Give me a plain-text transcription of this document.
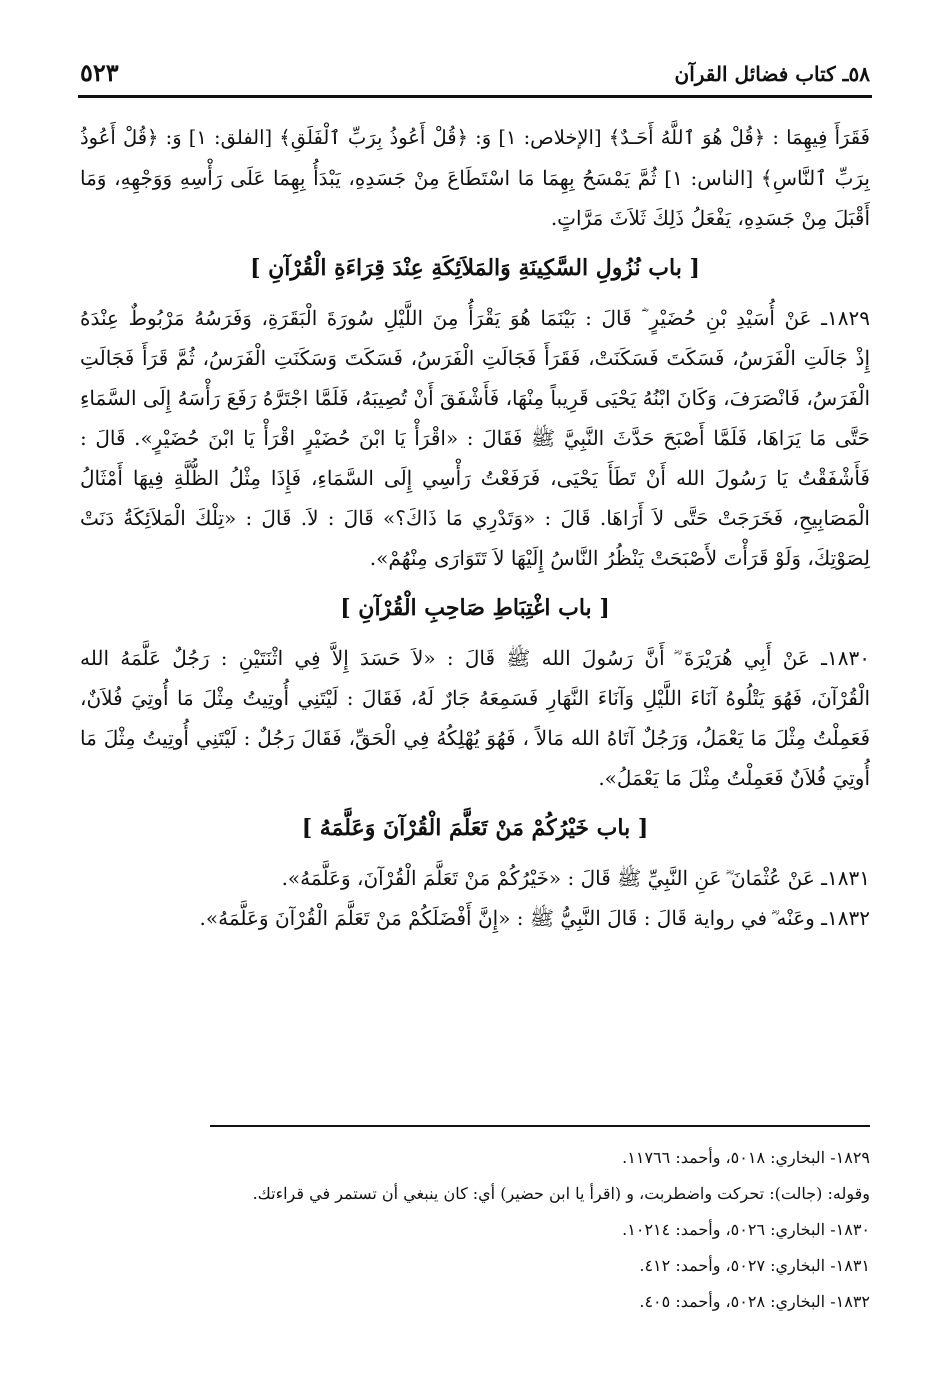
٥٨ـ كتاب فضائل القرآن
٥٢٣
فَقَرَأَ فِيهِمَا : ﴿قُلْ هُوَ ٱللَّهُ أَحَـدٌ﴾ [الإخلاص: ١] وَ: ﴿قُلْ أَعُوذُ بِرَبِّ ٱلْفَلَقِ﴾ [الفلق: ١] وَ: ﴿قُلْ أَعُوذُ
بِرَبِّ ٱلنَّاسِ﴾ [الناس: ١] ثُمَّ يَمْسَحُ بِهِمَا مَا اسْتَطَاعَ مِنْ جَسَدِهِ، يَبْدَأُ بِهِمَا عَلَى رَأْسِهِ وَوَجْهِهِ، وَمَا
أَقْبَلَ مِنْ جَسَدِهِ، يَفْعَلُ ذَلِكَ ثَلاَثَ مَرَّاتٍ.
[ باب نُزُولِ السَّكِينَةِ وَالمَلاَئِكَةِ عِنْدَ قِرَاءَةِ الْقُرْآنِ ]
١٨٢٩ـ عَنْ أُسَيْدِ بْنِ حُضَيْرٍ ؓ قَالَ : بَيْنَمَا هُوَ يَقْرَأُ مِنَ اللَّيْلِ سُورَةَ الْبَقَرَةِ، وَفَرَسُهُ مَرْبُوطٌ عِنْدَهُ
إِذْ جَالَتِ الْفَرَسُ، فَسَكَتَ فَسَكَنَتْ، فَقَرَأَ فَجَالَتِ الْفَرَسُ، فَسَكَتَ وَسَكَنَتِ الْفَرَسُ، ثُمَّ قَرَأَ فَجَالَتِ
الْفَرَسُ، فَانْصَرَفَ، وَكَانَ ابْنُهُ يَحْيَى قَرِيباً مِنْهَا، فَأَشْفَقَ أَنْ تُصِيبَهُ، فَلَمَّا اجْتَرَّهُ رَفَعَ رَأْسَهُ إِلَى السَّمَاءِ
حَتَّى مَا يَرَاهَا، فَلَمَّا أَصْبَحَ حَدَّثَ النَّبِيَّ ﷺ فَقَالَ : «اقْرَأْ يَا ابْنَ حُضَيْرٍ اقْرَأْ يَا ابْنَ حُضَيْرٍ». قَالَ :
فَأَشْفَقْتُ يَا رَسُولَ الله أَنْ تَطَأَ يَحْيَى، فَرَفَعْتُ رَأْسِي إِلَى السَّمَاءِ، فَإِذَا مِثْلُ الظُّلَّةِ فِيهَا أَمْثَالُ
الْمَصَابِيحِ، فَخَرَجَتْ حَتَّى لاَ أَرَاهَا. قَالَ : «وَتَدْرِي مَا ذَاكَ؟» قَالَ : لاَ. قَالَ : «تِلْكَ الْمَلاَئِكَةُ دَنَتْ
لِصَوْتِكَ، وَلَوْ قَرَأْتَ لأَصْبَحَتْ يَنْظُرُ النَّاسُ إِلَيْهَا لاَ تَتَوَارَى مِنْهُمْ».
[ باب اغْتِبَاطِ صَاحِبِ الْقُرْآنِ ]
١٨٣٠ـ عَنْ أَبِي هُرَيْرَةَ ؓ أَنَّ رَسُولَ الله ﷺ قَالَ : «لاَ حَسَدَ إِلاَّ فِي اثْنَتَيْنِ : رَجُلٌ عَلَّمَهُ الله
الْقُرْآنَ، فَهُوَ يَتْلُوهُ آنَاءَ اللَّيْلِ وَآنَاءَ النَّهَارِ فَسَمِعَهُ جَارٌ لَهُ، فَقَالَ : لَيْتَنِي أُوتِيتُ مِثْلَ مَا أُوتِيَ فُلاَنٌ،
فَعَمِلْتُ مِثْلَ مَا يَعْمَلُ، وَرَجُلٌ آتَاهُ الله مَالاً ، فَهُوَ يُهْلِكُهُ فِي الْحَقِّ، فَقَالَ رَجُلٌ : لَيْتَنِي أُوتِيتُ مِثْلَ مَا
أُوتِيَ فُلاَنٌ فَعَمِلْتُ مِثْلَ مَا يَعْمَلُ».
[ باب خَيْرُكُمْ مَنْ تَعَلَّمَ الْقُرْآنَ وَعَلَّمَهُ ]
١٨٣١ـ عَنْ عُثْمَانَ ؓ عَنِ النَّبِيِّ ﷺ قَالَ : «خَيْرُكُمْ مَنْ تَعَلَّمَ الْقُرْآنَ، وَعَلَّمَهُ».
١٨٣٢ـ وعَنْه ؓ في رواية قَالَ : قَالَ النَّبِيُّ ﷺ : «إِنَّ أَفْضَلَكُمْ مَنْ تَعَلَّمَ الْقُرْآنَ وَعَلَّمَهُ».
١٨٢٩- البخاري: ٥٠١٨، وأحمد: ١١٧٦٦.
وقوله: (جالت): تحركت واضطربت، و (اقرأ يا ابن حضير) أي: كان ينبغي أن تستمر في قراءتك.
١٨٣٠- البخاري: ٥٠٢٦، وأحمد: ١٠٢١٤.
١٨٣١- البخاري: ٥٠٢٧، وأحمد: ٤١٢.
١٨٣٢- البخاري: ٥٠٢٨، وأحمد: ٤٠٥.
